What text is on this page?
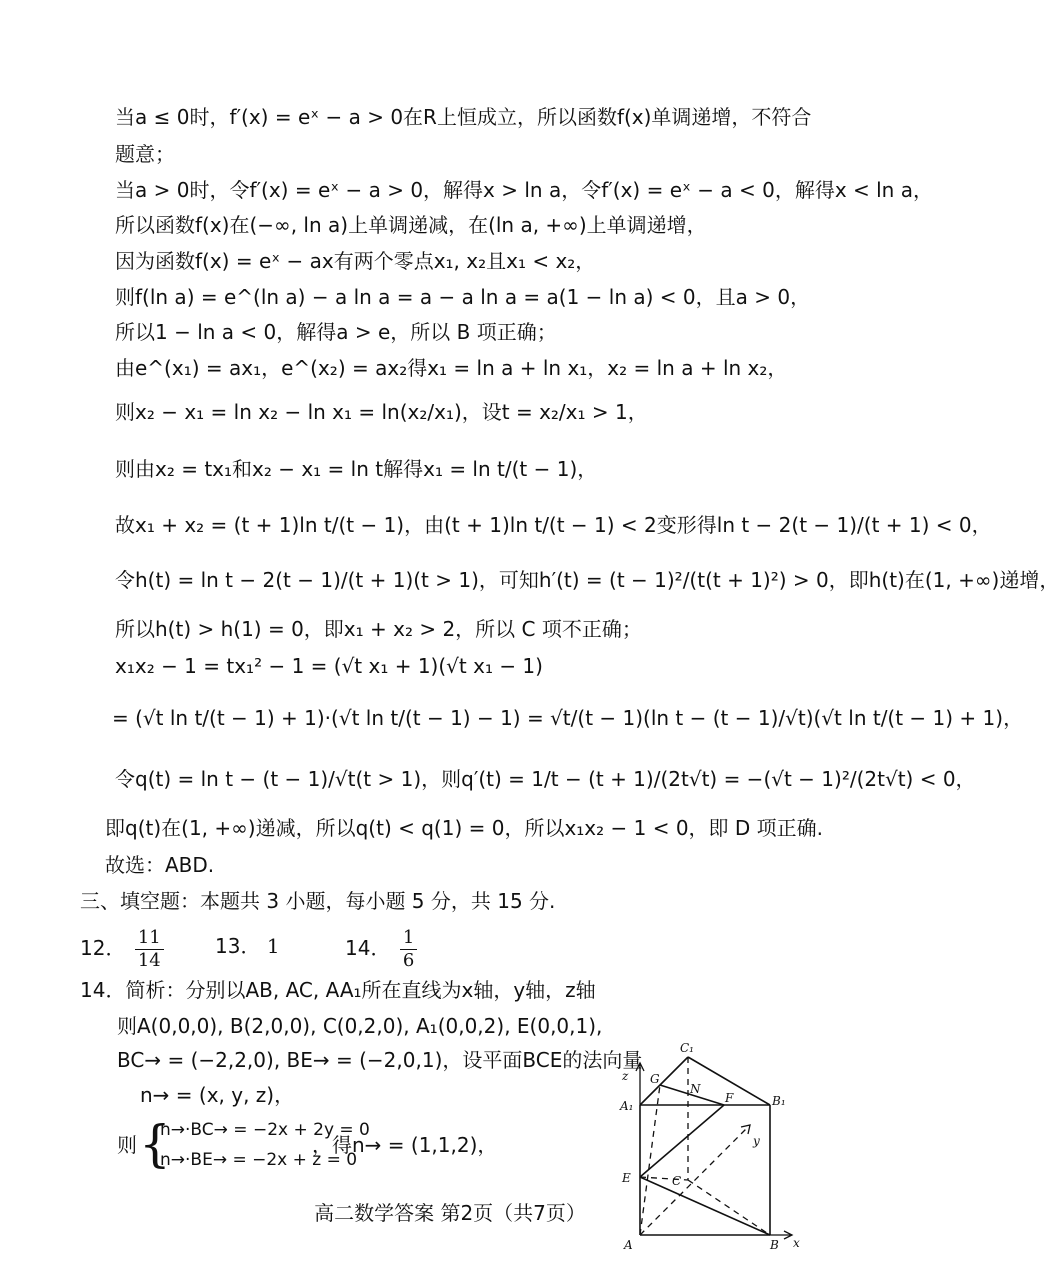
当a ≤ 0时，f′(x) = eˣ − a > 0在R上恒成立，所以函数f(x)单调递增，不符合
题意；
当a > 0时，令f′(x) = eˣ − a > 0，解得x > ln a，令f′(x) = eˣ − a < 0，解得x < ln a，
所以函数f(x)在(−∞, ln a)上单调递减，在(ln a, +∞)上单调递增，
因为函数f(x) = eˣ − ax有两个零点x₁, x₂且x₁ < x₂，
则f(ln a) = e^(ln a) − a ln a = a − a ln a = a(1 − ln a) < 0，且a > 0，
所以1 − ln a < 0，解得a > e，所以 B 项正确；
由e^(x₁) = ax₁，e^(x₂) = ax₂得x₁ = ln a + ln x₁，x₂ = ln a + ln x₂，
则x₂ − x₁ = ln x₂ − ln x₁ = ln(x₂/x₁)，设t = x₂/x₁ > 1，
则由x₂ = tx₁和x₂ − x₁ = ln t解得x₁ = ln t/(t − 1)，
故x₁ + x₂ = (t + 1)ln t/(t − 1)，由(t + 1)ln t/(t − 1) < 2变形得ln t − 2(t − 1)/(t + 1) < 0，
令h(t) = ln t − 2(t − 1)/(t + 1)(t > 1)，可知h′(t) = (t − 1)²/(t(t + 1)²) > 0，即h(t)在(1, +∞)递增，
所以h(t) > h(1) = 0，即x₁ + x₂ > 2，所以 C 项不正确；
x₁x₂ − 1 = tx₁² − 1 = (√t x₁ + 1)(√t x₁ − 1)
= (√t ln t/(t − 1) + 1)·(√t ln t/(t − 1) − 1) = √t/(t − 1)(ln t − (t − 1)/√t)(√t ln t/(t − 1) + 1)，
令q(t) = ln t − (t − 1)/√t(t > 1)，则q′(t) = 1/t − (t + 1)/(2t√t) = −(√t − 1)²/(2t√t) < 0，
即q(t)在(1, +∞)递减，所以q(t) < q(1) = 0，所以x₁x₂ − 1 < 0，即 D 项正确.
故选：ABD.
三、填空题：本题共 3 小题，每小题 5 分，共 15 分.
12． $\frac{11}{14}$	13． 1	14． $\frac{1}{6}$
14．简析：分别以AB, AC, AA₁所在直线为x轴，y轴，z轴
则A(0,0,0), B(2,0,0), C(0,2,0), A₁(0,0,2), E(0,0,1),
BC→ = (−2,2,0), BE→ = (−2,0,1)，设平面BCE的法向量
n→ = (x, y, z)，
则 {
n→·BC→ = −2x + 2y = 0
n→·BE→ = −2x + z = 0
，得n→ = (1,1,2)，
高二数学答案 第2页（共7页）
C₁
z G
N
A₁
F	B₁
y
E	C
A	B x
